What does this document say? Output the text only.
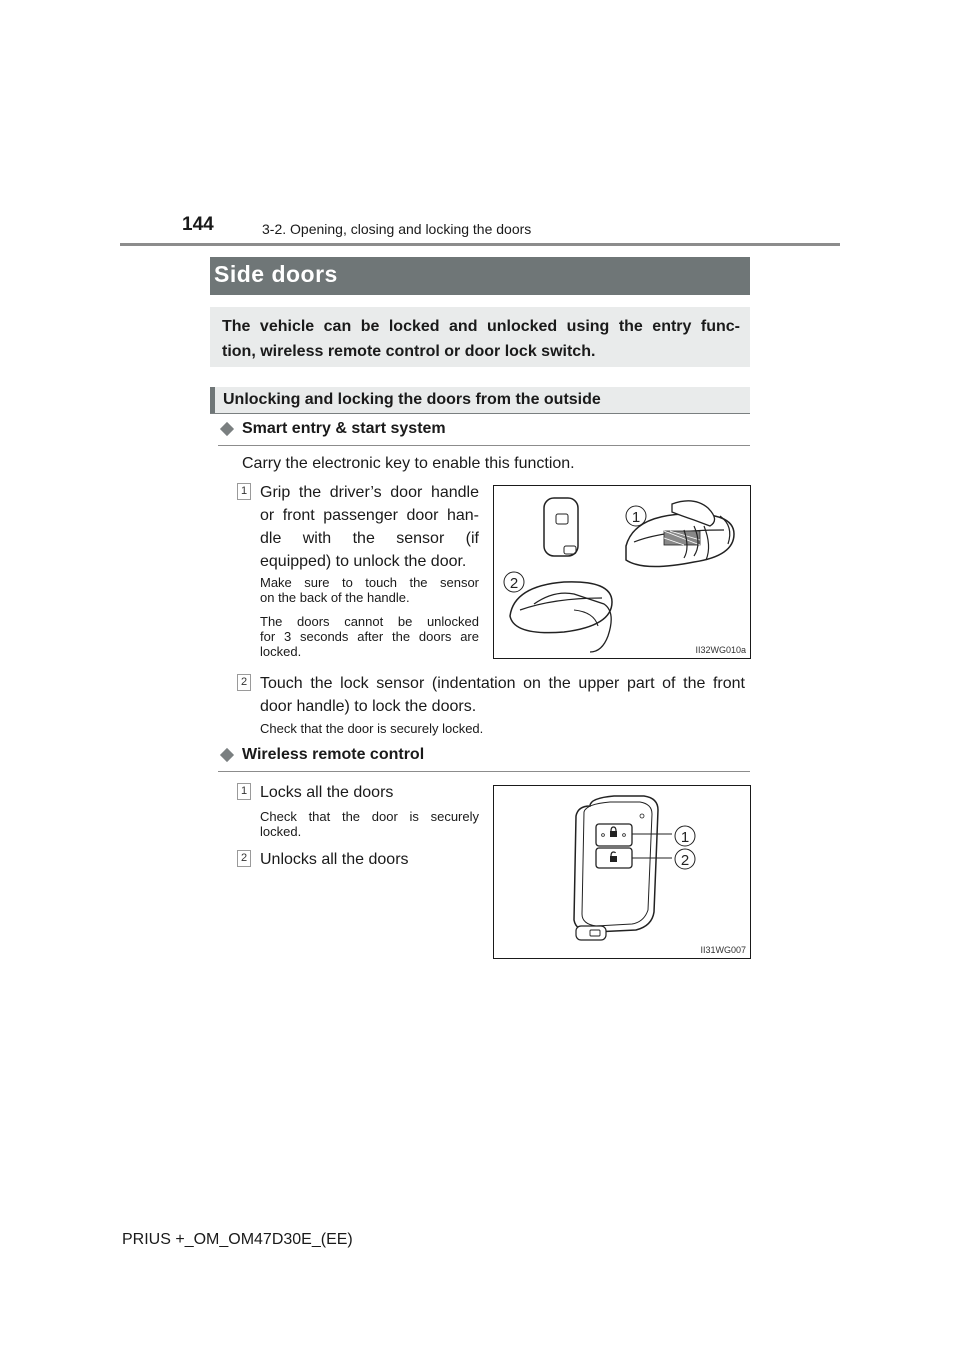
144	3-2. Opening, closing and locking the doors
Side doors

The vehicle can be locked and unlocked using the entry func-
tion, wireless remote control or door lock switch.

Unlocking and locking the doors from the outside
Smart entry & start system
Carry the electronic key to enable this function.
1 Grip the driver’s door handle
or front passenger door han-
dle with the sensor (if
equipped) to unlock the door.
Make sure to touch the sensor
on the back of the handle.
The doors cannot be unlocked
for 3 seconds after the doors are
locked.
1
2
II32WG010a
2 Touch the lock sensor (indentation on the upper part of the front
door handle) to lock the doors.
Check that the door is securely locked.
Wireless remote control
1 Locks all the doors
Check that the door is securely
locked.
2 Unlocks all the doors
1
2
II31WG007
PRIUS +_OM_OM47D30E_(EE)
